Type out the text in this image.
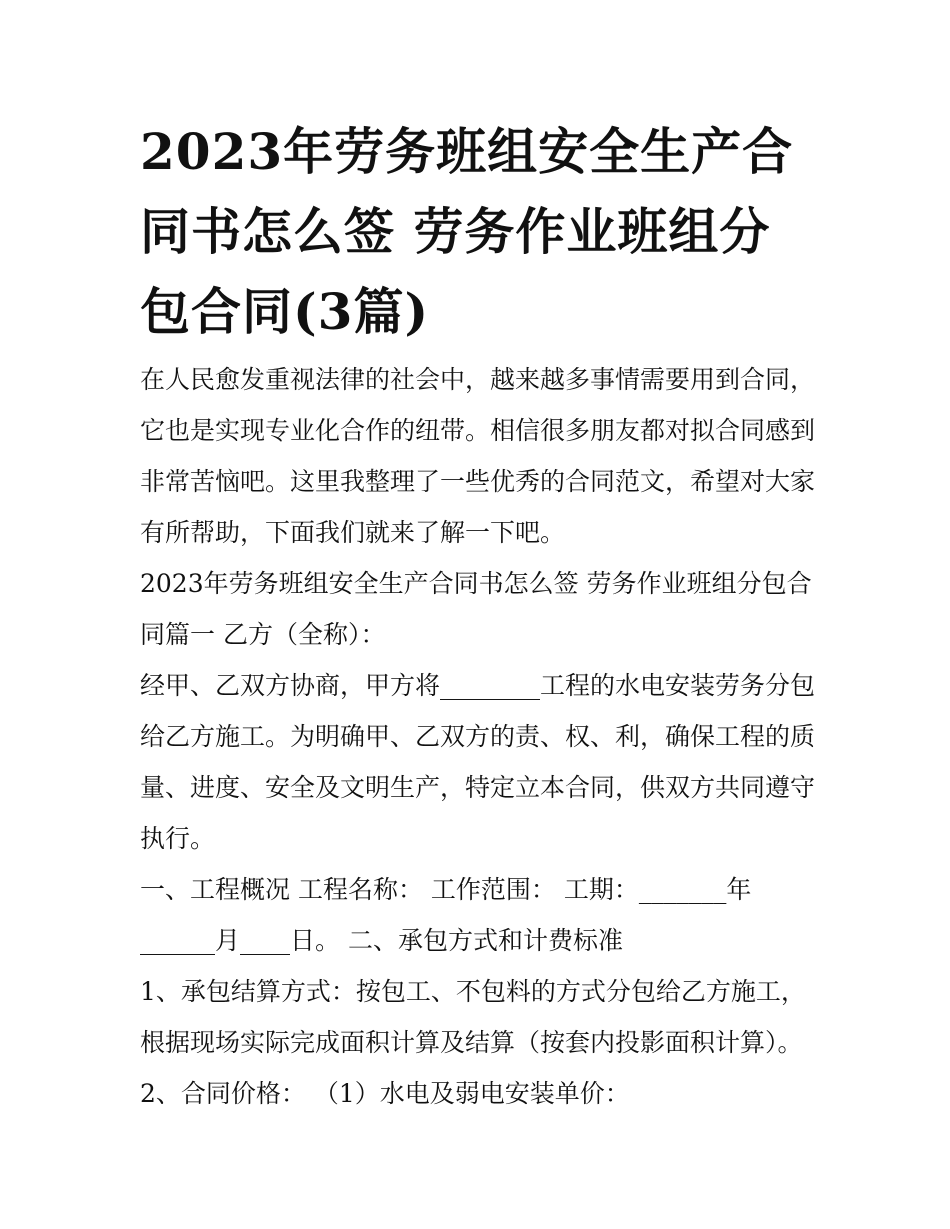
2023年劳务班组安全生产合同书怎么签 劳务作业班组分包合同(3篇)

在人民愈发重视法律的社会中，越来越多事情需要用到合同，它也是实现专业化合作的纽带。相信很多朋友都对拟合同感到非常苦恼吧。这里我整理了一些优秀的合同范文，希望对大家有所帮助，下面我们就来了解一下吧。

2023年劳务班组安全生产合同书怎么签 劳务作业班组分包合同篇一 乙方（全称）：

经甲、乙双方协商，甲方将________工程的水电安装劳务分包给乙方施工。为明确甲、乙双方的责、权、利，确保工程的质量、进度、安全及文明生产，特定立本合同，供双方共同遵守执行。

一、工程概况 工程名称： 工作范围： 工期：_______年______月____日。 二、承包方式和计费标准

1、承包结算方式：按包工、不包料的方式分包给乙方施工，根据现场实际完成面积计算及结算（按套内投影面积计算）。

2、合同价格： （1）水电及弱电安装单价：
